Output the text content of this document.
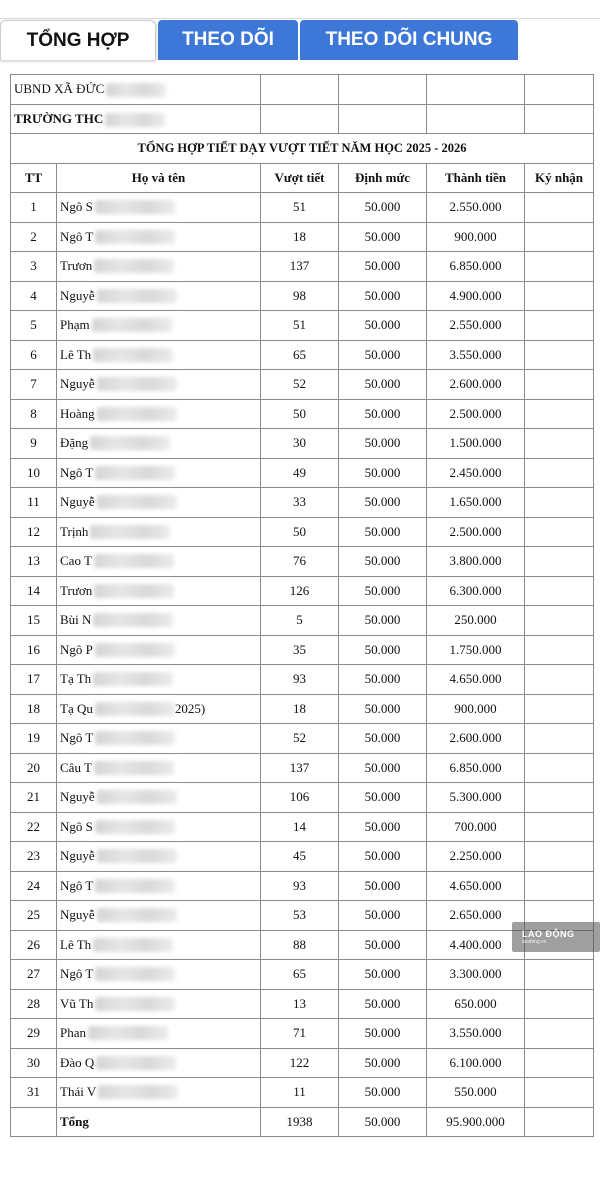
TỔNG HỢP	THEO DÕI	THEO DÕI CHUNG
UBND XÃ ĐỨC					
TRƯỜNG THC					
TỔNG HỢP TIẾT DẠY VƯỢT TIẾT NĂM HỌC 2025 - 2026					
TT	Họ và tên	Vượt tiết	Định mức	Thành tiền	Ký nhận
1	Ngô S	51	50.000	2.550.000	
2	Ngô T	18	50.000	900.000	
3	Trươn	137	50.000	6.850.000	
4	Nguyễ	98	50.000	4.900.000	
5	Phạm	51	50.000	2.550.000	
6	Lê Th	65	50.000	3.550.000	
7	Nguyễ	52	50.000	2.600.000	
8	Hoàng	50	50.000	2.500.000	
9	Đặng	30	50.000	1.500.000	
10	Ngô T	49	50.000	2.450.000	
11	Nguyễ	33	50.000	1.650.000	
12	Trịnh	50	50.000	2.500.000	
13	Cao T	76	50.000	3.800.000	
14	Trươn	126	50.000	6.300.000	
15	Bùi N	5	50.000	250.000	
16	Ngô P	35	50.000	1.750.000	
17	Tạ Th	93	50.000	4.650.000	
18	Tạ Qu 2025)	18	50.000	900.000	
19	Ngô T	52	50.000	2.600.000	
20	Câu T	137	50.000	6.850.000	
21	Nguyễ	106	50.000	5.300.000	
22	Ngô S	14	50.000	700.000	
23	Nguyễ	45	50.000	2.250.000	
24	Ngô T	93	50.000	4.650.000	
25	Nguyễ	53	50.000	2.650.000	
26	Lê Th	88	50.000	4.400.000	
27	Ngô T	65	50.000	3.300.000	
28	Vũ Th	13	50.000	650.000	
29	Phan	71	50.000	3.550.000	
30	Đào Q	122	50.000	6.100.000	
31	Thái V	11	50.000	550.000	
	Tổng	1938	50.000	95.900.000	
LAO ĐỘNG
laodong.vn
